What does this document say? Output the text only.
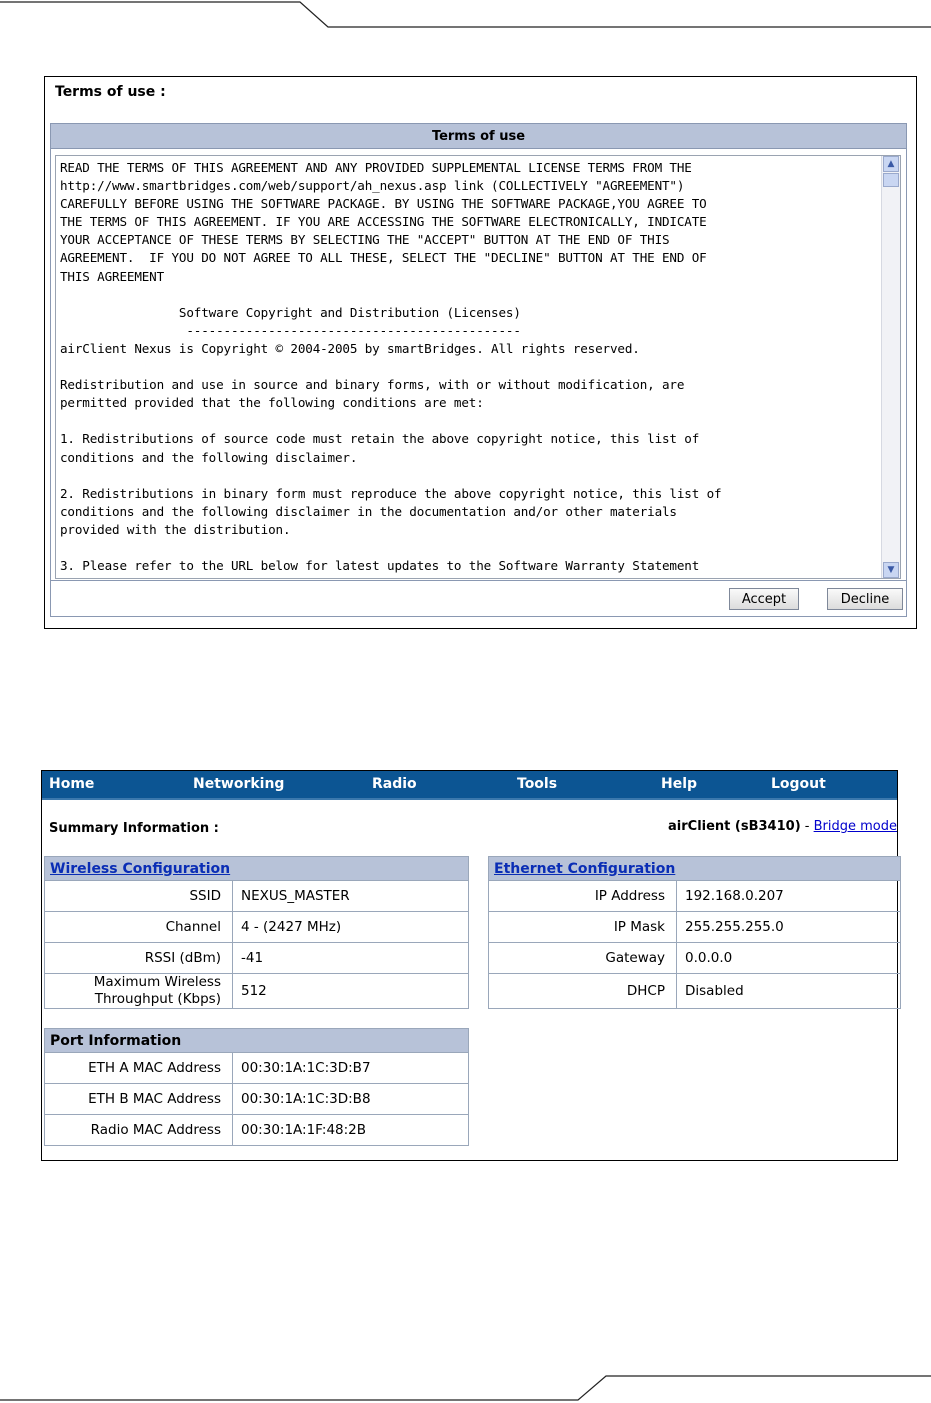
Terms of use :
Terms of use
READ THE TERMS OF THIS AGREEMENT AND ANY PROVIDED SUPPLEMENTAL LICENSE TERMS FROM THE
http://www.smartbridges.com/web/support/ah_nexus.asp link (COLLECTIVELY "AGREEMENT")
CAREFULLY BEFORE USING THE SOFTWARE PACKAGE. BY USING THE SOFTWARE PACKAGE,YOU AGREE TO
THE TERMS OF THIS AGREEMENT. IF YOU ARE ACCESSING THE SOFTWARE ELECTRONICALLY, INDICATE
YOUR ACCEPTANCE OF THESE TERMS BY SELECTING THE "ACCEPT" BUTTON AT THE END OF THIS
AGREEMENT.  IF YOU DO NOT AGREE TO ALL THESE, SELECT THE "DECLINE" BUTTON AT THE END OF
THIS AGREEMENT

Software Copyright and Distribution (Licenses)
---------------------------------------------
airClient Nexus is Copyright © 2004-2005 by smartBridges. All rights reserved.

Redistribution and use in source and binary forms, with or without modification, are
permitted provided that the following conditions are met:

1. Redistributions of source code must retain the above copyright notice, this list of
conditions and the following disclaimer.

2. Redistributions in binary form must reproduce the above copyright notice, this list of
conditions and the following disclaimer in the documentation and/or other materials
provided with the distribution.

3. Please refer to the URL below for latest updates to the Software Warranty Statement
▲
▼
Accept	Decline
Home	Networking	Radio	Tools	Help	Logout
Summary Information :	airClient (sB3410) - Bridge mode
Wireless Configuration	
SSID	NEXUS_MASTER
Channel	4 - (2427 MHz)
RSSI (dBm)	-41
Maximum Wireless Throughput (Kbps)	512
Ethernet Configuration	
IP Address	192.168.0.207
IP Mask	255.255.255.0
Gateway	0.0.0.0
DHCP	Disabled
Port Information	
ETH A MAC Address	00:30:1A:1C:3D:B7
ETH B MAC Address	00:30:1A:1C:3D:B8
Radio MAC Address	00:30:1A:1F:48:2B
